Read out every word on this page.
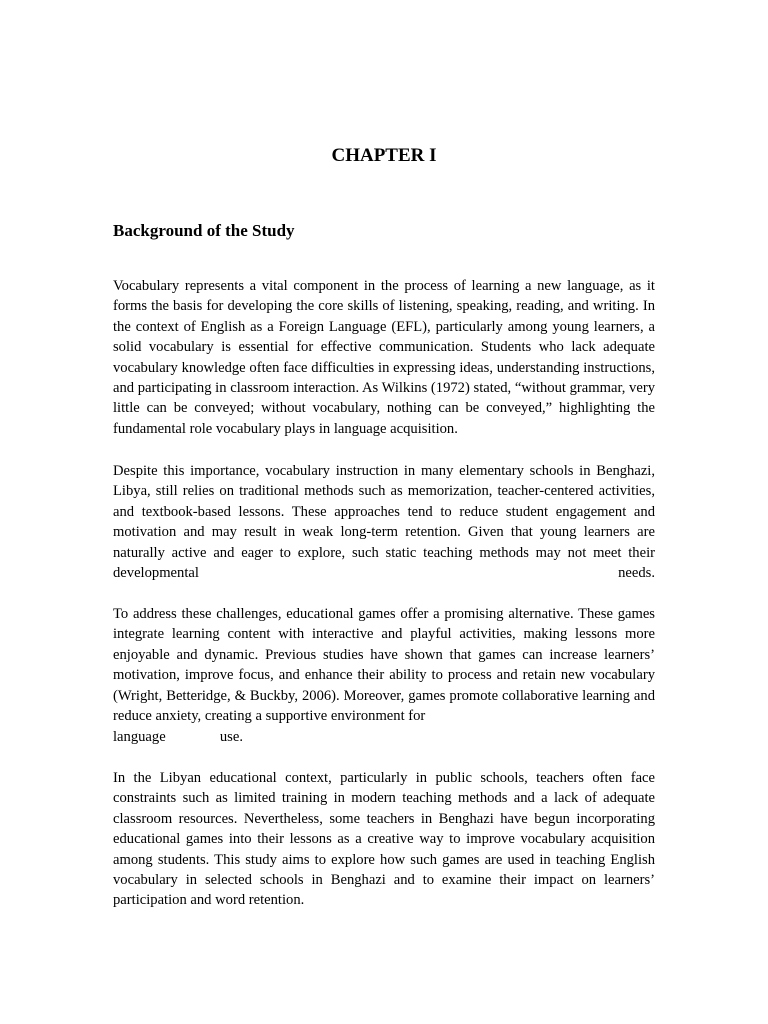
CHAPTER I
Background of the Study

Vocabulary represents a vital component in the process of learning a new language, as it forms the basis for developing the core skills of listening, speaking, reading, and writing. In the context of English as a Foreign Language (EFL), particularly among young learners, a solid vocabulary is essential for effective communication. Students who lack adequate vocabulary knowledge often face difficulties in expressing ideas, understanding instructions, and participating in classroom interaction. As Wilkins (1972) stated, “without grammar, very little can be conveyed; without vocabulary, nothing can be conveyed,” highlighting the fundamental role vocabulary plays in language acquisition.

Despite this importance, vocabulary instruction in many elementary schools in Benghazi, Libya, still relies on traditional methods such as memorization, teacher-centered activities, and textbook-based lessons. These approaches tend to reduce student engagement and motivation and may result in weak long-term retention. Given that young learners are naturally active and eager to explore, such static teaching methods may not meet their developmental needs.

To address these challenges, educational games offer a promising alternative. These games integrate learning content with interactive and playful activities, making lessons more enjoyable and dynamic. Previous studies have shown that games can increase learners’ motivation, improve focus, and enhance their ability to process and retain new vocabulary (Wright, Betteridge, & Buckby, 2006). Moreover, games promote collaborative learning and reduce anxiety, creating a supportive environment for

language use.

In the Libyan educational context, particularly in public schools, teachers often face constraints such as limited training in modern teaching methods and a lack of adequate classroom resources. Nevertheless, some teachers in Benghazi have begun incorporating educational games into their lessons as a creative way to improve vocabulary acquisition among students. This study aims to explore how such games are used in teaching English vocabulary in selected schools in Benghazi and to examine their impact on learners’ participation and word retention.
